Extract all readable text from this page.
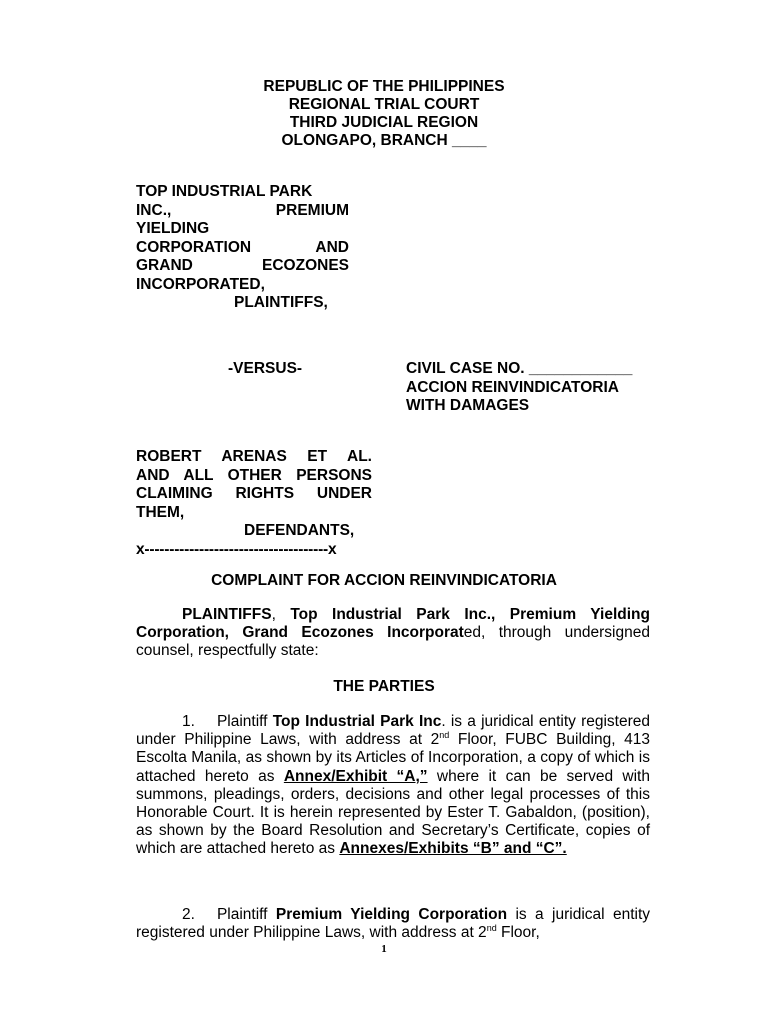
REPUBLIC OF THE PHILIPPINES
REGIONAL TRIAL COURT
THIRD JUDICIAL REGION
OLONGAPO, BRANCH ____
TOP INDUSTRIAL PARK
INC., PREMIUM
YIELDING
CORPORATION AND
GRAND ECOZONES
INCORPORATED,
PLAINTIFFS,
-VERSUS-	CIVIL CASE NO. ____________
ACCION REINVINDICATORIA
WITH DAMAGES
ROBERT ARENAS ET AL.
AND ALL OTHER PERSONS
CLAIMING RIGHTS UNDER
THEM,
DEFENDANTS,
x-------------------------------------x
COMPLAINT FOR ACCION REINVINDICATORIA
PLAINTIFFS, Top Industrial Park Inc., Premium Yielding Corporation, Grand Ecozones Incorporated, through undersigned counsel, respectfully state:
THE PARTIES
1. Plaintiff Top Industrial Park Inc. is a juridical entity registered under Philippine Laws, with address at 2nd Floor, FUBC Building, 413 Escolta Manila, as shown by its Articles of Incorporation, a copy of which is attached hereto as Annex/Exhibit “A,” where it can be served with summons, pleadings, orders, decisions and other legal processes of this Honorable Court. It is herein represented by Ester T. Gabaldon, (position), as shown by the Board Resolution and Secretary’s Certificate, copies of which are attached hereto as Annexes/Exhibits “B” and “C”.
2. Plaintiff Premium Yielding Corporation is a juridical entity registered under Philippine Laws, with address at 2nd Floor,
1
